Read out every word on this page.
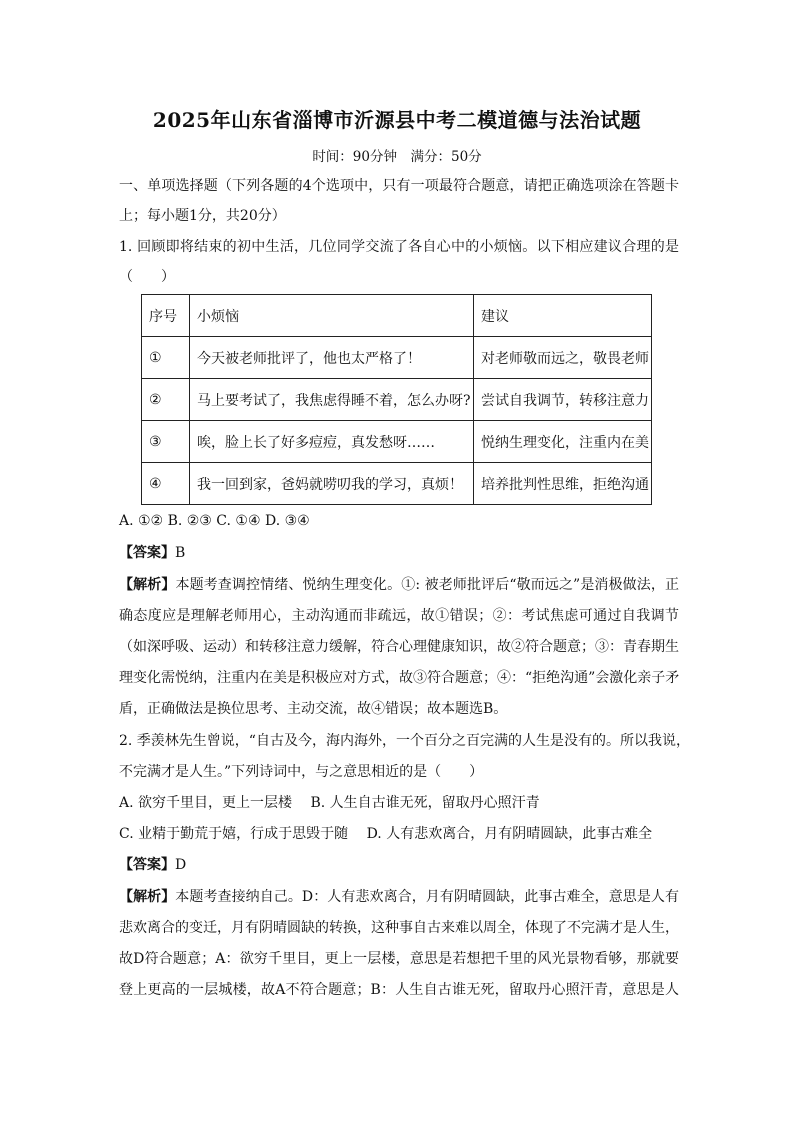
2025年山东省淄博市沂源县中考二模道德与法治试题
时间：90分钟　满分：50分
一、单项选择题（下列各题的4个选项中，只有一项最符合题意，请把正确选项涂在答题卡
上；每小题1分，共20分）
1. 回顾即将结束的初中生活，几位同学交流了各自心中的小烦恼。以下相应建议合理的是
（　　）
序号	小烦恼	建议
①	今天被老师批评了，他也太严格了！	对老师敬而远之，敬畏老师
②	马上要考试了，我焦虑得睡不着，怎么办呀?	尝试自我调节，转移注意力
③	唉，脸上长了好多痘痘，真发愁呀……	悦纳生理变化，注重内在美
④	我一回到家，爸妈就唠叨我的学习，真烦！	培养批判性思维，拒绝沟通
A. ①② B. ②③ C. ①④ D. ③④
【答案】B
【解析】本题考查调控情绪、悦纳生理变化。①: 被老师批评后“敬而远之”是消极做法，正
确态度应是理解老师用心，主动沟通而非疏远，故①错误；②：考试焦虑可通过自我调节
（如深呼吸、运动）和转移注意力缓解，符合心理健康知识，故②符合题意；③：青春期生
理变化需悦纳，注重内在美是积极应对方式，故③符合题意；④：“拒绝沟通”会激化亲子矛
盾，正确做法是换位思考、主动交流，故④错误；故本题选B。
2. 季羡林先生曾说，“自古及今，海内海外，一个百分之百完满的人生是没有的。所以我说，
不完满才是人生。”下列诗词中，与之意思相近的是（　　）
A. 欲穷千里目，更上一层楼　 B. 人生自古谁无死，留取丹心照汗青
C. 业精于勤荒于嬉，行成于思毁于随　 D. 人有悲欢离合，月有阴晴圆缺，此事古难全
【答案】D
【解析】本题考查接纳自己。D：人有悲欢离合，月有阴晴圆缺，此事古难全，意思是人有
悲欢离合的变迁，月有阴晴圆缺的转换，这种事自古来难以周全，体现了不完满才是人生，
故D符合题意；A：欲穷千里目，更上一层楼，意思是若想把千里的风光景物看够，那就要
登上更高的一层城楼，故A不符合题意；B：人生自古谁无死，留取丹心照汗青，意思是人
